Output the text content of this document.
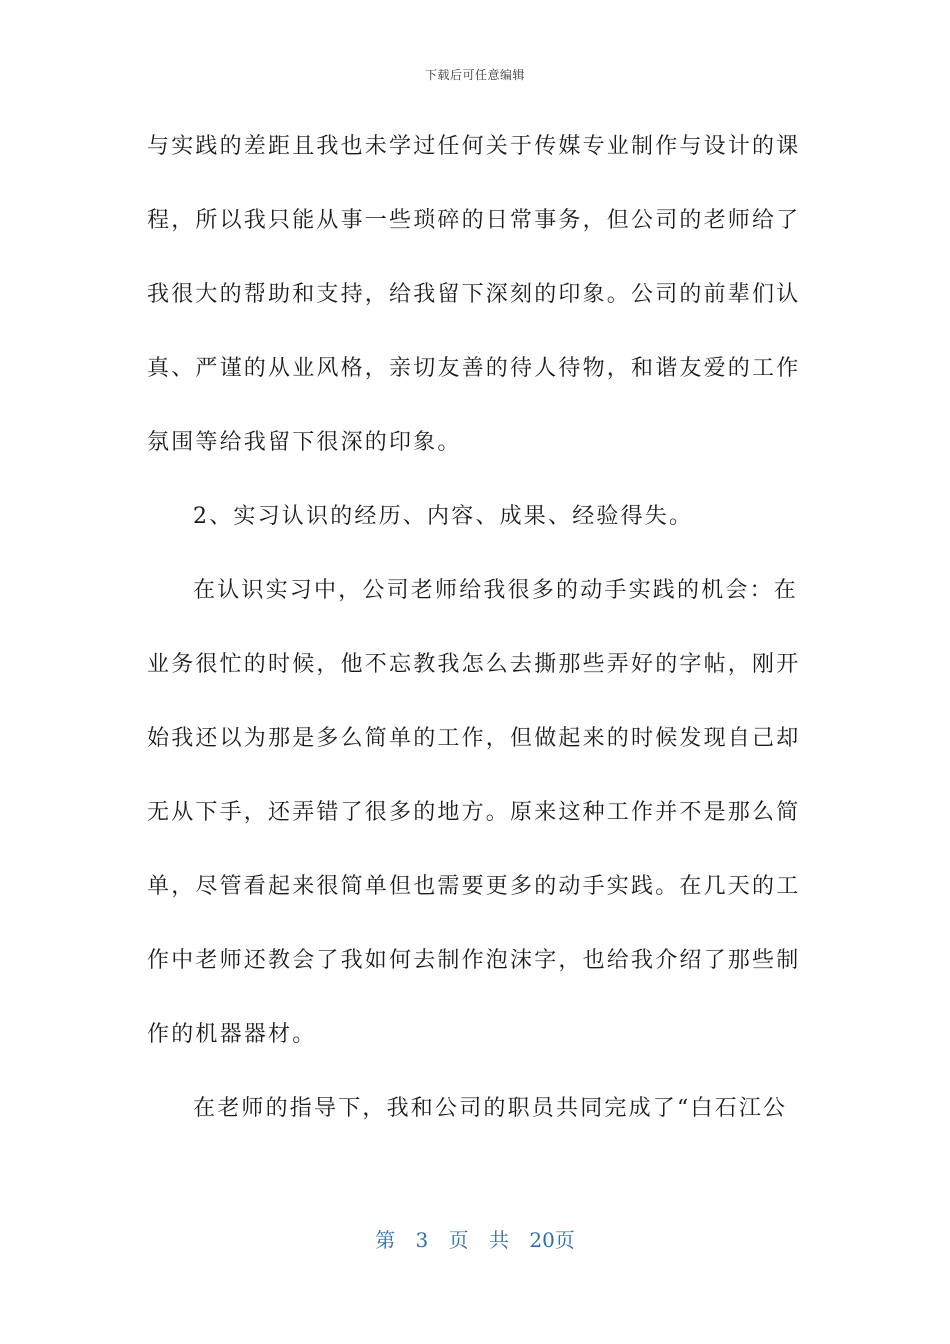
下载后可任意编辑
与实践的差距且我也未学过任何关于传媒专业制作与设计的课
程，所以我只能从事一些琐碎的日常事务，但公司的老师给了
我很大的帮助和支持，给我留下深刻的印象。公司的前辈们认
真、严谨的从业风格，亲切友善的待人待物，和谐友爱的工作
氛围等给我留下很深的印象。
2、实习认识的经历、内容、成果、经验得失。
在认识实习中，公司老师给我很多的动手实践的机会：在
业务很忙的时候，他不忘教我怎么去撕那些弄好的字帖，刚开
始我还以为那是多么简单的工作，但做起来的时候发现自己却
无从下手，还弄错了很多的地方。原来这种工作并不是那么简
单，尽管看起来很简单但也需要更多的动手实践。在几天的工
作中老师还教会了我如何去制作泡沫字，也给我介绍了那些制
作的机器器材。
在老师的指导下，我和公司的职员共同完成了“白石江公
第 3 页 共 20页
